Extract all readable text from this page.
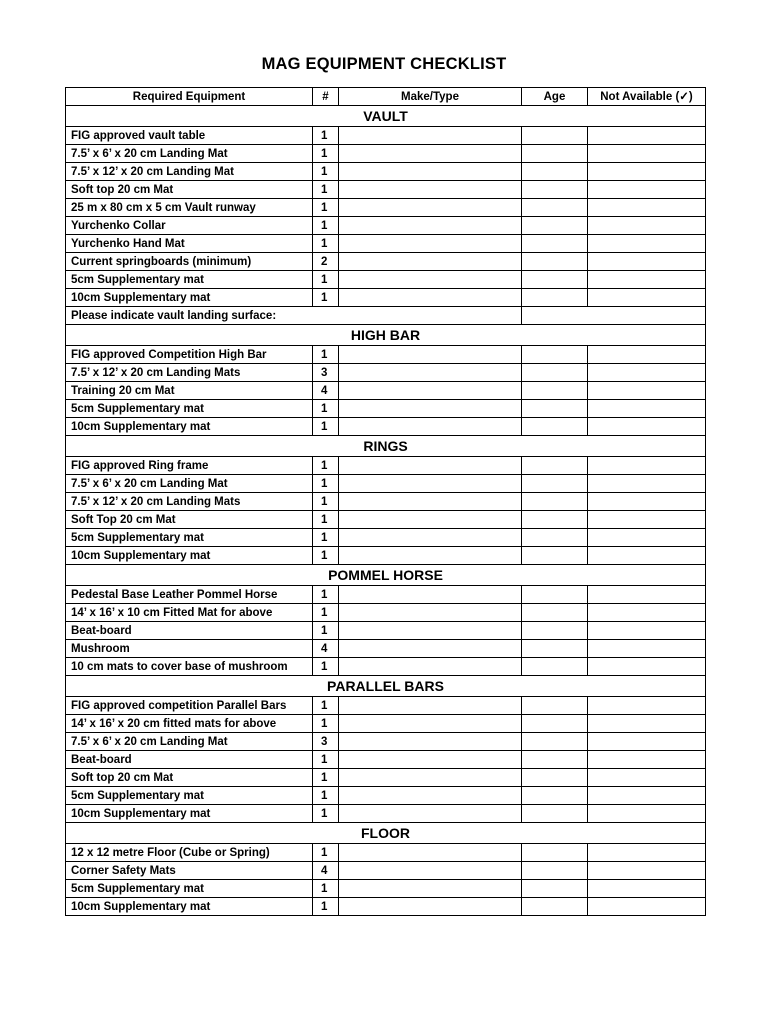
MAG EQUIPMENT CHECKLIST
Required Equipment	#	Make/Type	Age	Not Available (✓)
VAULT				
FIG approved vault table	1			
7.5’ x 6’ x 20 cm Landing Mat	1			
7.5’ x 12’ x 20 cm Landing Mat	1			
Soft top 20 cm Mat	1			
25 m x 80 cm x 5 cm Vault runway	1			
Yurchenko Collar	1			
Yurchenko Hand Mat	1			
Current springboards (minimum)	2			
5cm Supplementary mat	1			
10cm Supplementary mat	1			
Please indicate vault landing surface:				
HIGH BAR				
FIG approved Competition High Bar	1			
7.5’ x 12’ x 20 cm Landing Mats	3			
Training 20 cm Mat	4			
5cm Supplementary mat	1			
10cm Supplementary mat	1			
RINGS				
FIG approved Ring frame	1			
7.5’ x 6’ x 20 cm Landing Mat	1			
7.5’ x 12’ x 20 cm Landing Mats	1			
Soft Top 20 cm Mat	1			
5cm Supplementary mat	1			
10cm Supplementary mat	1			
POMMEL HORSE				
Pedestal Base Leather Pommel Horse	1			
14’ x 16’ x 10 cm Fitted Mat for above	1			
Beat-board	1			
Mushroom	4			
10 cm mats to cover base of mushroom	1			
PARALLEL BARS				
FIG approved competition Parallel Bars	1			
14’ x 16’ x 20 cm fitted mats for above	1			
7.5’ x 6’ x 20 cm Landing Mat	3			
Beat-board	1			
Soft top 20 cm Mat	1			
5cm Supplementary mat	1			
10cm Supplementary mat	1			
FLOOR				
12 x 12 metre Floor (Cube or Spring)	1			
Corner Safety Mats	4			
5cm Supplementary mat	1			
10cm Supplementary mat	1			
